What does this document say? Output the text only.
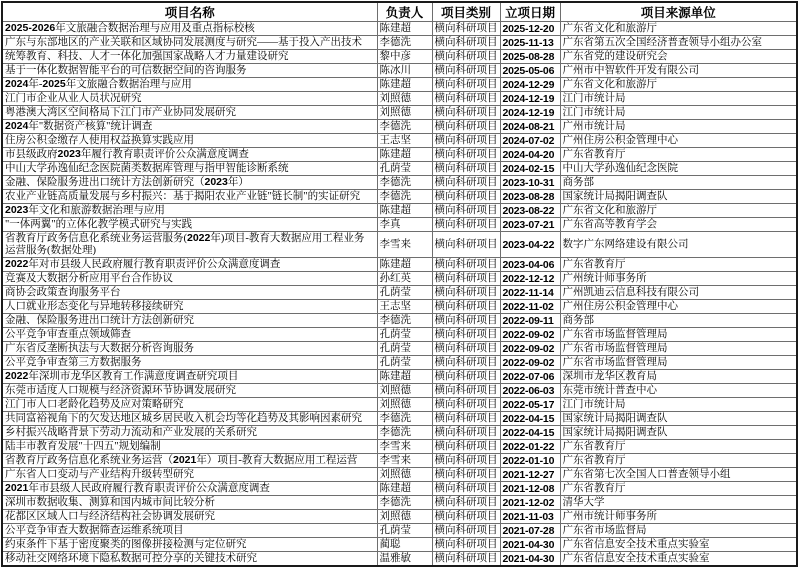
项目名称	负责人	项目类别	立项日期	项目来源单位
2025-2026年文旅融合数据治理与应用及重点指标校核	陈建超	横向科研项目	2025-12-20	广东省文化和旅游厅
广东与东部地区的产业关联和区域协同发展测度与研究——基于投入产出技术	李德洗	横向科研项目	2025-11-13	广东省第五次全国经济普查领导小组办公室
统筹教育、科技、人才一体化加强国家战略人才力量建设研究	黎中彦	横向科研项目	2025-08-28	广东省党的建设研究会
基于一体化数据智能平台的可信数据空间的咨询服务	陈冰川	横向科研项目	2025-05-06	广州市中智软件开发有限公司
2024年-2025年文旅融合数据治理与应用	陈建超	横向科研项目	2024-12-29	广东省文化和旅游厅
江门市企业从业人员状况研究	刘照德	横向科研项目	2024-12-19	江门市统计局
粤港澳大湾区空间格局下江门市产业协同发展研究	刘照德	横向科研项目	2024-12-19	江门市统计局
2024年"数据资产核算"统计调查	李德洗	横向科研项目	2024-08-21	广州市统计局
住房公积金缴存人使用权益换算实践应用	王志坚	横向科研项目	2024-07-02	广州住房公积金管理中心
市县级政府2023年履行教育职责评价公众满意度调查	陈建超	横向科研项目	2024-04-20	广东省教育厅
中山大学孙逸仙纪念医院菌类数据库管理与指甲智能诊断系统	孔荫莹	横向科研项目	2024-02-15	中山大学孙逸仙纪念医院
金融、保险服务进出口统计方法创新研究（2023年）	李德洗	横向科研项目	2023-10-31	商务部
农业产业链高质量发展与乡村振兴：基于揭阳农业产业链"链长制"的实证研究	李德洗	横向科研项目	2023-08-28	国家统计局揭阳调查队
2023年文化和旅游数据治理与应用	陈建超	横向科研项目	2023-08-22	广东省文化和旅游厅
"一体两翼"的立体化教学模式研究与实践	李真	横向科研项目	2023-07-21	广东省高等教育学会
省教育厅政务信息化系统业务运营服务(2022年)项目-教育大数据应用工程业务运营服务(数据处理)	李雪来	横向科研项目	2023-04-22	数字广东网络建设有限公司
2022年对市县级人民政府履行教育职责评价公众满意度调查	陈建超	横向科研项目	2023-04-06	广东省教育厅
竞赛及大数据分析应用平台合作协议	孙红英	横向科研项目	2022-12-12	广州统计师事务所
商协会政策查询服务平台	孔荫莹	横向科研项目	2022-11-14	广州凯迪云信息科技有限公司
人口就业形态变化与异地转移接续研究	王志坚	横向科研项目	2022-11-02	广州住房公积金管理中心
金融、保险服务进出口统计方法创新研究	李德洗	横向科研项目	2022-09-11	商务部
公平竞争审查重点领域筛查	孔荫莹	横向科研项目	2022-09-02	广东省市场监督管理局
广东省反垄断执法与大数据分析咨询服务	孔荫莹	横向科研项目	2022-09-02	广东省市场监督管理局
公平竞争审查第三方数据服务	孔荫莹	横向科研项目	2022-09-02	广东省市场监督管理局
2022年深圳市龙华区教育工作满意度调查研究项目	陈建超	横向科研项目	2022-07-06	深圳市龙华区教育局
东莞市适度人口规模与经济资源环节协调发展研究	刘照德	横向科研项目	2022-06-03	东莞市统计普查中心
江门市人口老龄化趋势及应对策略研究	刘照德	横向科研项目	2022-05-17	江门市统计局
共同富裕视角下的欠发达地区城乡居民收入机会均等化趋势及其影响因素研究	李德洗	横向科研项目	2022-04-15	国家统计局揭阳调查队
乡村振兴战略背景下劳动力流动和产业发展的关系研究	李德洗	横向科研项目	2022-04-15	国家统计局揭阳调查队
陆丰市教育发展"十四五"规划编制	李雪来	横向科研项目	2022-01-22	广东省教育厅
省教育厅政务信息化系统业务运营（2021年）项目-教育大数据应用工程运营	李雪来	横向科研项目	2022-01-10	广东省教育厅
广东省人口变动与产业结构升级转型研究	刘照德	横向科研项目	2021-12-27	广东省第七次全国人口普查领导小组
2021年市县级人民政府履行教育职责评价公众满意度调查	陈建超	横向科研项目	2021-12-08	广东省教育厅
深圳市数据收集、测算和国内城市间比较分析	李德洗	横向科研项目	2021-12-02	清华大学
花都区区域人口与经济结构社会协调发展研究	刘照德	横向科研项目	2021-11-03	广州市统计师事务所
公平竞争审查大数据筛查运维系统项目	孔荫莹	横向科研项目	2021-07-28	广东省市场监督局
约束条件下基于密度聚类的图像拼接检测与定位研究	蔺聪	横向科研项目	2021-04-30	广东省信息安全技术重点实验室
移动社交网络环境下隐私数据可控分享的关键技术研究	温雅敏	横向科研项目	2021-04-30	广东省信息安全技术重点实验室
